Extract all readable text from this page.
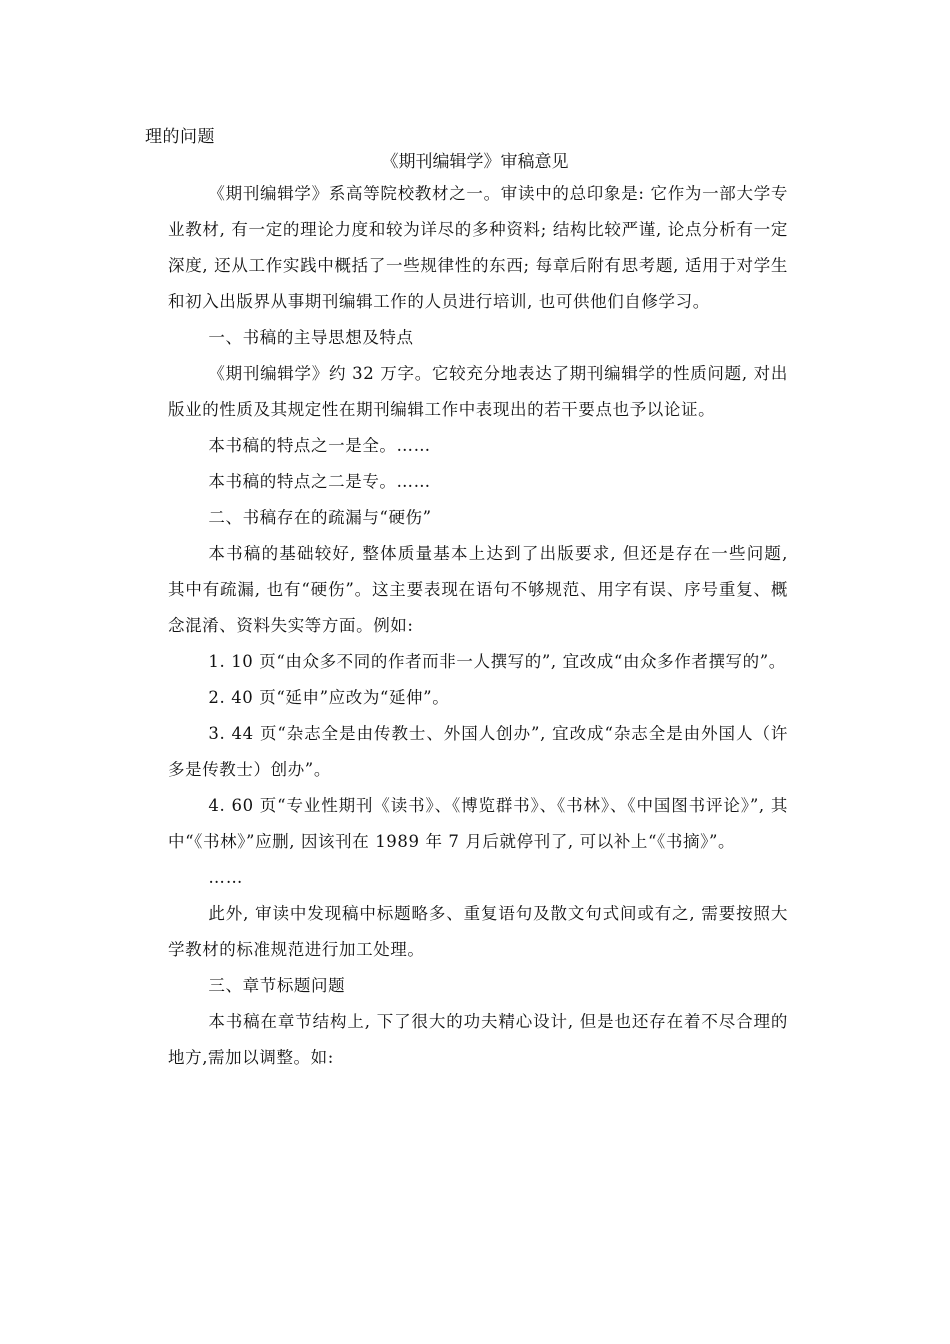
理的问题
《期刊编辑学》审稿意见

《期刊编辑学》系高等院校教材之一。审读中的总印象是: 它作为一部大学专业教材, 有一定的理论力度和较为详尽的多种资料; 结构比较严谨, 论点分析有一定深度, 还从工作实践中概括了一些规律性的东西; 每章后附有思考题, 适用于对学生和初入出版界从事期刊编辑工作的人员进行培训, 也可供他们自修学习。

一、书稿的主导思想及特点

《期刊编辑学》约 32 万字。它较充分地表达了期刊编辑学的性质问题, 对出版业的性质及其规定性在期刊编辑工作中表现出的若干要点也予以论证。

本书稿的特点之一是全。……

本书稿的特点之二是专。……

二、书稿存在的疏漏与“硬伤”

本书稿的基础较好, 整体质量基本上达到了出版要求, 但还是存在一些问题, 其中有疏漏, 也有“硬伤”。这主要表现在语句不够规范、用字有误、序号重复、概念混淆、资料失实等方面。例如:

1. 10 页“由众多不同的作者而非一人撰写的”, 宜改成“由众多作者撰写的”。

2. 40 页“延申”应改为“延伸”。

3. 44 页“杂志全是由传教士、外国人创办”, 宜改成“杂志全是由外国人（许多是传教士）创办”。

4. 60 页“专业性期刊《读书》、《博览群书》、《书林》、《中国图书评论》”, 其中“《书林》”应删, 因该刊在 1989 年 7 月后就停刊了, 可以补上“《书摘》”。

……

此外, 审读中发现稿中标题略多、重复语句及散文句式间或有之, 需要按照大学教材的标准规范进行加工处理。

三、章节标题问题

本书稿在章节结构上, 下了很大的功夫精心设计, 但是也还存在着不尽合理的地方,需加以调整。如:
